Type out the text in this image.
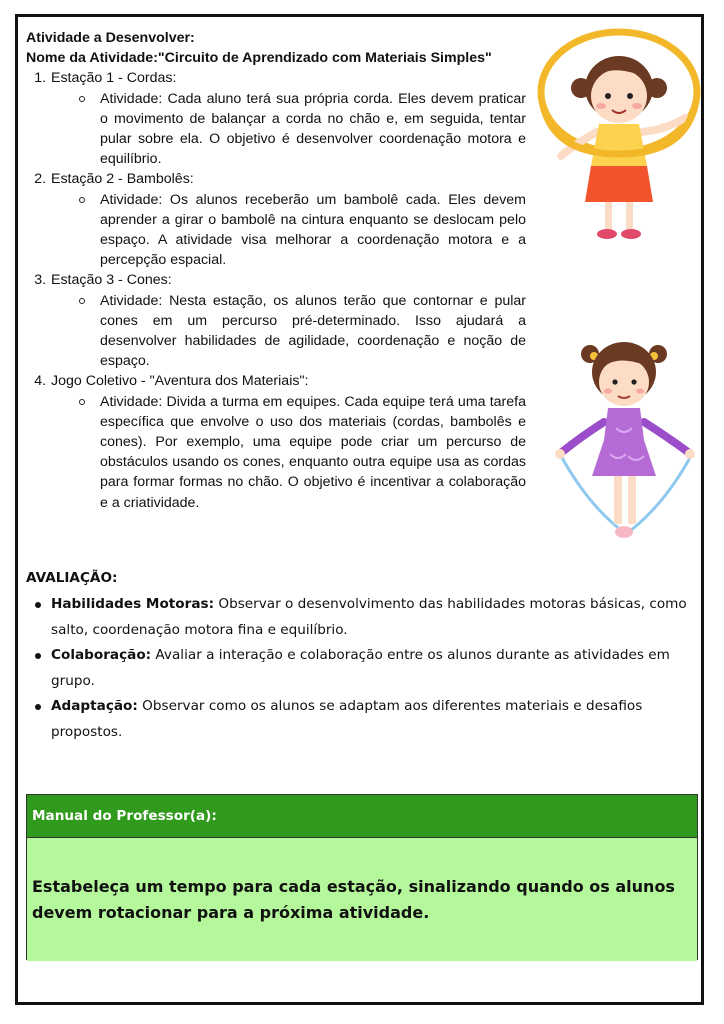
Atividade a Desenvolver:
Nome da Atividade:"Circuito de Aprendizado com Materiais Simples"
1. Estação 1 - Cordas:
Atividade: Cada aluno terá sua própria corda. Eles devem praticar o movimento de balançar a corda no chão e, em seguida, tentar pular sobre ela. O objetivo é desenvolver coordenação motora e equilíbrio.
2. Estação 2 - Bambolês:
Atividade: Os alunos receberão um bambolê cada. Eles devem aprender a girar o bambolê na cintura enquanto se deslocam pelo espaço. A atividade visa melhorar a coordenação motora e a percepção espacial.
3. Estação 3 - Cones:
Atividade: Nesta estação, os alunos terão que contornar e pular cones em um percurso pré-determinado. Isso ajudará a desenvolver habilidades de agilidade, coordenação e noção de espaço.
4. Jogo Coletivo - "Aventura dos Materiais":
Atividade: Divida a turma em equipes. Cada equipe terá uma tarefa específica que envolve o uso dos materiais (cordas, bambolês e cones). Por exemplo, uma equipe pode criar um percurso de obstáculos usando os cones, enquanto outra equipe usa as cordas para formar formas no chão. O objetivo é incentivar a colaboração e a criatividade.
AVALIAÇÃO:
Habilidades Motoras: Observar o desenvolvimento das habilidades motoras básicas, como salto, coordenação motora fina e equilíbrio.
Colaboração: Avaliar a interação e colaboração entre os alunos durante as atividades em grupo.
Adaptação: Observar como os alunos se adaptam aos diferentes materiais e desafios propostos.
Manual do Professor(a):
Estabeleça um tempo para cada estação, sinalizando quando os alunos devem rotacionar para a próxima atividade.
